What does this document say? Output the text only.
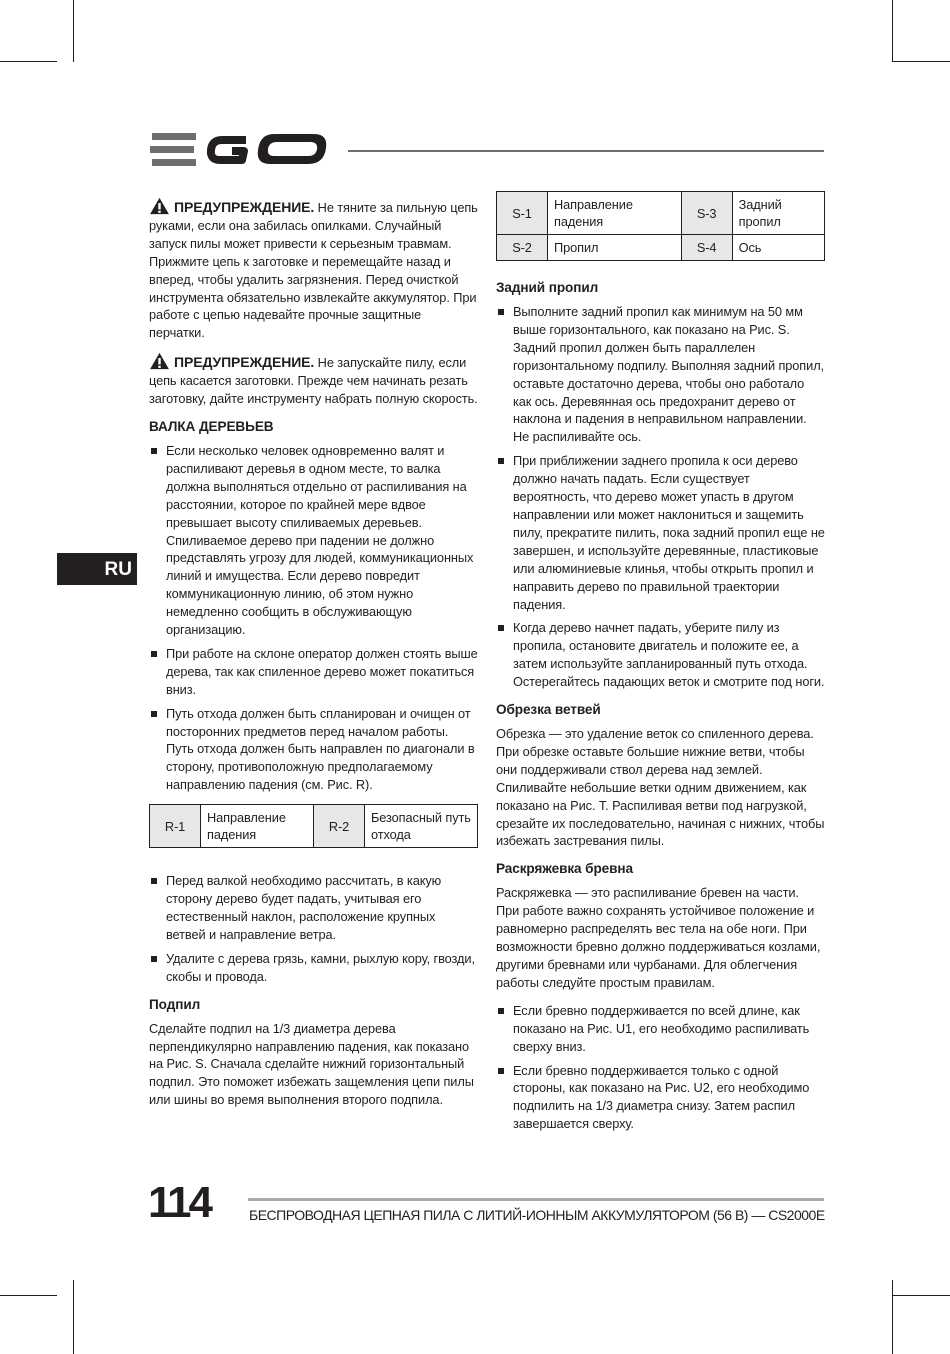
RU

ПРЕДУПРЕЖДЕНИЕ. Не тяните за пильную цепь руками, если она забилась опилками. Случайный запуск пилы может привести к серьезным травмам. Прижмите цепь к заготовке и перемещайте назад и вперед, чтобы удалить загрязнения. Перед очисткой инструмента обязательно извлекайте аккумулятор. При работе с цепью надевайте прочные защитные перчатки.

ПРЕДУПРЕЖДЕНИЕ. Не запускайте пилу, если цепь касается заготовки. Прежде чем начинать резать заготовку, дайте инструменту набрать полную скорость.

ВАЛКА ДЕРЕВЬЕВ
Если несколько человек одновременно валят и распиливают деревья в одном месте, то валка должна выполняться отдельно от распиливания на расстоянии, которое по крайней мере вдвое превышает высоту спиливаемых деревьев. Спиливаемое дерево при падении не должно представлять угрозу для людей, коммуникационных линий и имущества. Если дерево повредит коммуникационную линию, об этом нужно немедленно сообщить в обслуживающую организацию.
При работе на склоне оператор должен стоять выше дерева, так как спиленное дерево может покатиться вниз.
Путь отхода должен быть спланирован и очищен от посторонних предметов перед началом работы. Путь отхода должен быть направлен по диагонали в сторону, противоположную предполагаемому направлению падения (см. Рис. R).
R-1	Направление падения	R-2	Безопасный путь отхода
Перед валкой необходимо рассчитать, в какую сторону дерево будет падать, учитывая его естественный наклон, расположение крупных ветвей и направление ветра.
Удалите с дерева грязь, камни, рыхлую кору, гвозди, скобы и провода.
Подпил

Сделайте подпил на 1/3 диаметра дерева перпендикулярно направлению падения, как показано на Рис. S. Сначала сделайте нижний горизонтальный подпил. Это поможет избежать защемления цепи пилы или шины во время выполнения второго подпила.

S-1	Направление падения	S-3	Задний пропил
S-2	Пропил	S-4	Ось
Задний пропил
Выполните задний пропил как минимум на 50 мм выше горизонтального, как показано на Рис. S. Задний пропил должен быть параллелен горизонтальному подпилу. Выполняя задний пропил, оставьте достаточно дерева, чтобы оно работало как ось. Деревянная ось предохранит дерево от наклона и падения в неправильном направлении. Не распиливайте ось.
При приближении заднего пропила к оси дерево должно начать падать. Если существует вероятность, что дерево может упасть в другом направлении или может наклониться и защемить пилу, прекратите пилить, пока задний пропил еще не завершен, и используйте деревянные, пластиковые или алюминиевые клинья, чтобы открыть пропил и направить дерево по правильной траектории падения.
Когда дерево начнет падать, уберите пилу из пропила, остановите двигатель и положите ее, а затем используйте запланированный путь отхода. Остерегайтесь падающих веток и смотрите под ноги.
Обрезка ветвей

Обрезка — это удаление веток со спиленного дерева. При обрезке оставьте большие нижние ветви, чтобы они поддерживали ствол дерева над землей. Спиливайте небольшие ветки одним движением, как показано на Рис. T. Распиливая ветви под нагрузкой, срезайте их последовательно, начиная с нижних, чтобы избежать застревания пилы.

Раскряжевка бревна

Раскряжевка — это распиливание бревен на части. При работе важно сохранять устойчивое положение и равномерно распределять вес тела на обе ноги. При возможности бревно должно поддерживаться козлами, другими бревнами или чурбанами. Для облегчения работы следуйте простым правилам.

Если бревно поддерживается по всей длине, как показано на Рис. U1, его необходимо распиливать сверху вниз.
Если бревно поддерживается только с одной стороны, как показано на Рис. U2, его необходимо подпилить на 1/3 диаметра снизу. Затем распил завершается сверху.
114	БЕСПРОВОДНАЯ ЦЕПНАЯ ПИЛА С ЛИТИЙ-ИОННЫМ АККУМУЛЯТОРОМ (56 В) — CS2000E
